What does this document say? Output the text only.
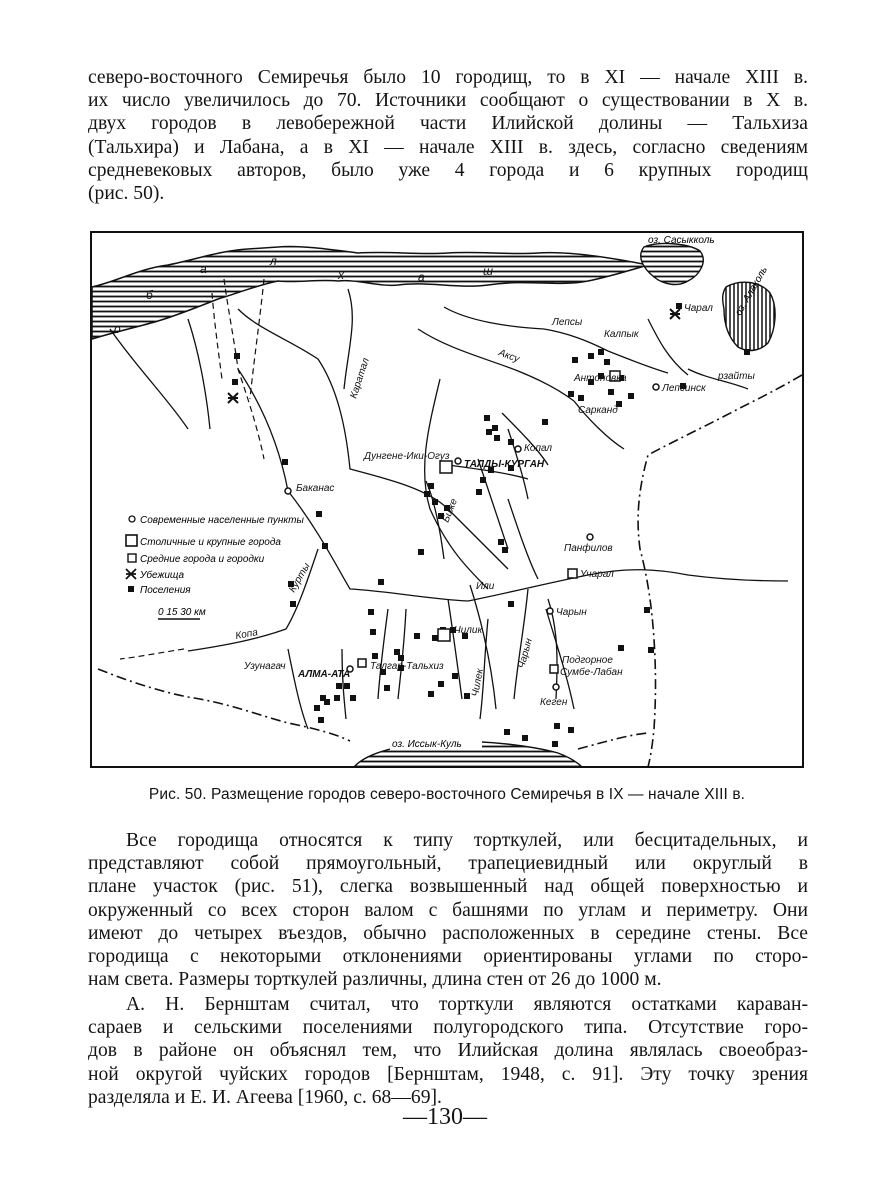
северо-восточного Семиречья было 10 городищ, то в XI — начале XIII в.
их число увеличилось до 70. Источники сообщают о существовании в X в.
двух городов в левобережной части Илийской долины — Тальхиза
(Тальхира) и Лабана, а в XI — начале XIII в. здесь, согласно сведениям
средневековых авторов, было уже 4 города и 6 крупных городищ
(рис. 50).
а
л
х	а	ш
б
о
оз. Сасыкколь
оз. Алаколь
оз. Иссык-Куль
Чарал
Калпык
Антоновка
Лепсинск
Сарканд
Копал
Дунгене-Ики-Огуз
ТАЛДЫ-КУРГАН
Баканас
Панфилов
Учарал
Чарын
Чилик
Талгар-Тальхиз
АЛМА-АТА
Узунагач
Подгорное
Сумбе-Лабан
Кеген
рзайты
Лепсы
Аксу
Каратал
Биже
Или
Курты
Копа
Чарын
Чилек
Современные населенные пункты
Столичные и крупные города
Средние города и городки
Убежища
Поселения
0 15 30 км
Рис. 50. Размещение городов северо-восточного Семиречья в IX — начале XIII в.
Все городища относятся к типу торткулей, или бесцитадельных, и
представляют собой прямоугольный, трапециевидный или округлый в
плане участок (рис. 51), слегка возвышенный над общей поверхностью и
окруженный со всех сторон валом с башнями по углам и периметру. Они
имеют до четырех въездов, обычно расположенных в середине стены. Все
городища с некоторыми отклонениями ориентированы углами по сторо-
нам света. Размеры торткулей различны, длина стен от 26 до 1000 м.
А. Н. Бернштам считал, что торткули являются остатками караван-
сараев и сельскими поселениями полугородского типа. Отсутствие горо-
дов в районе он объяснял тем, что Илийская долина являлась своеобраз-
ной округой чуйских городов [Бернштам, 1948, с. 91]. Эту точку зрения
разделяла и Е. И. Агеева [1960, с. 68—69].
—130—
